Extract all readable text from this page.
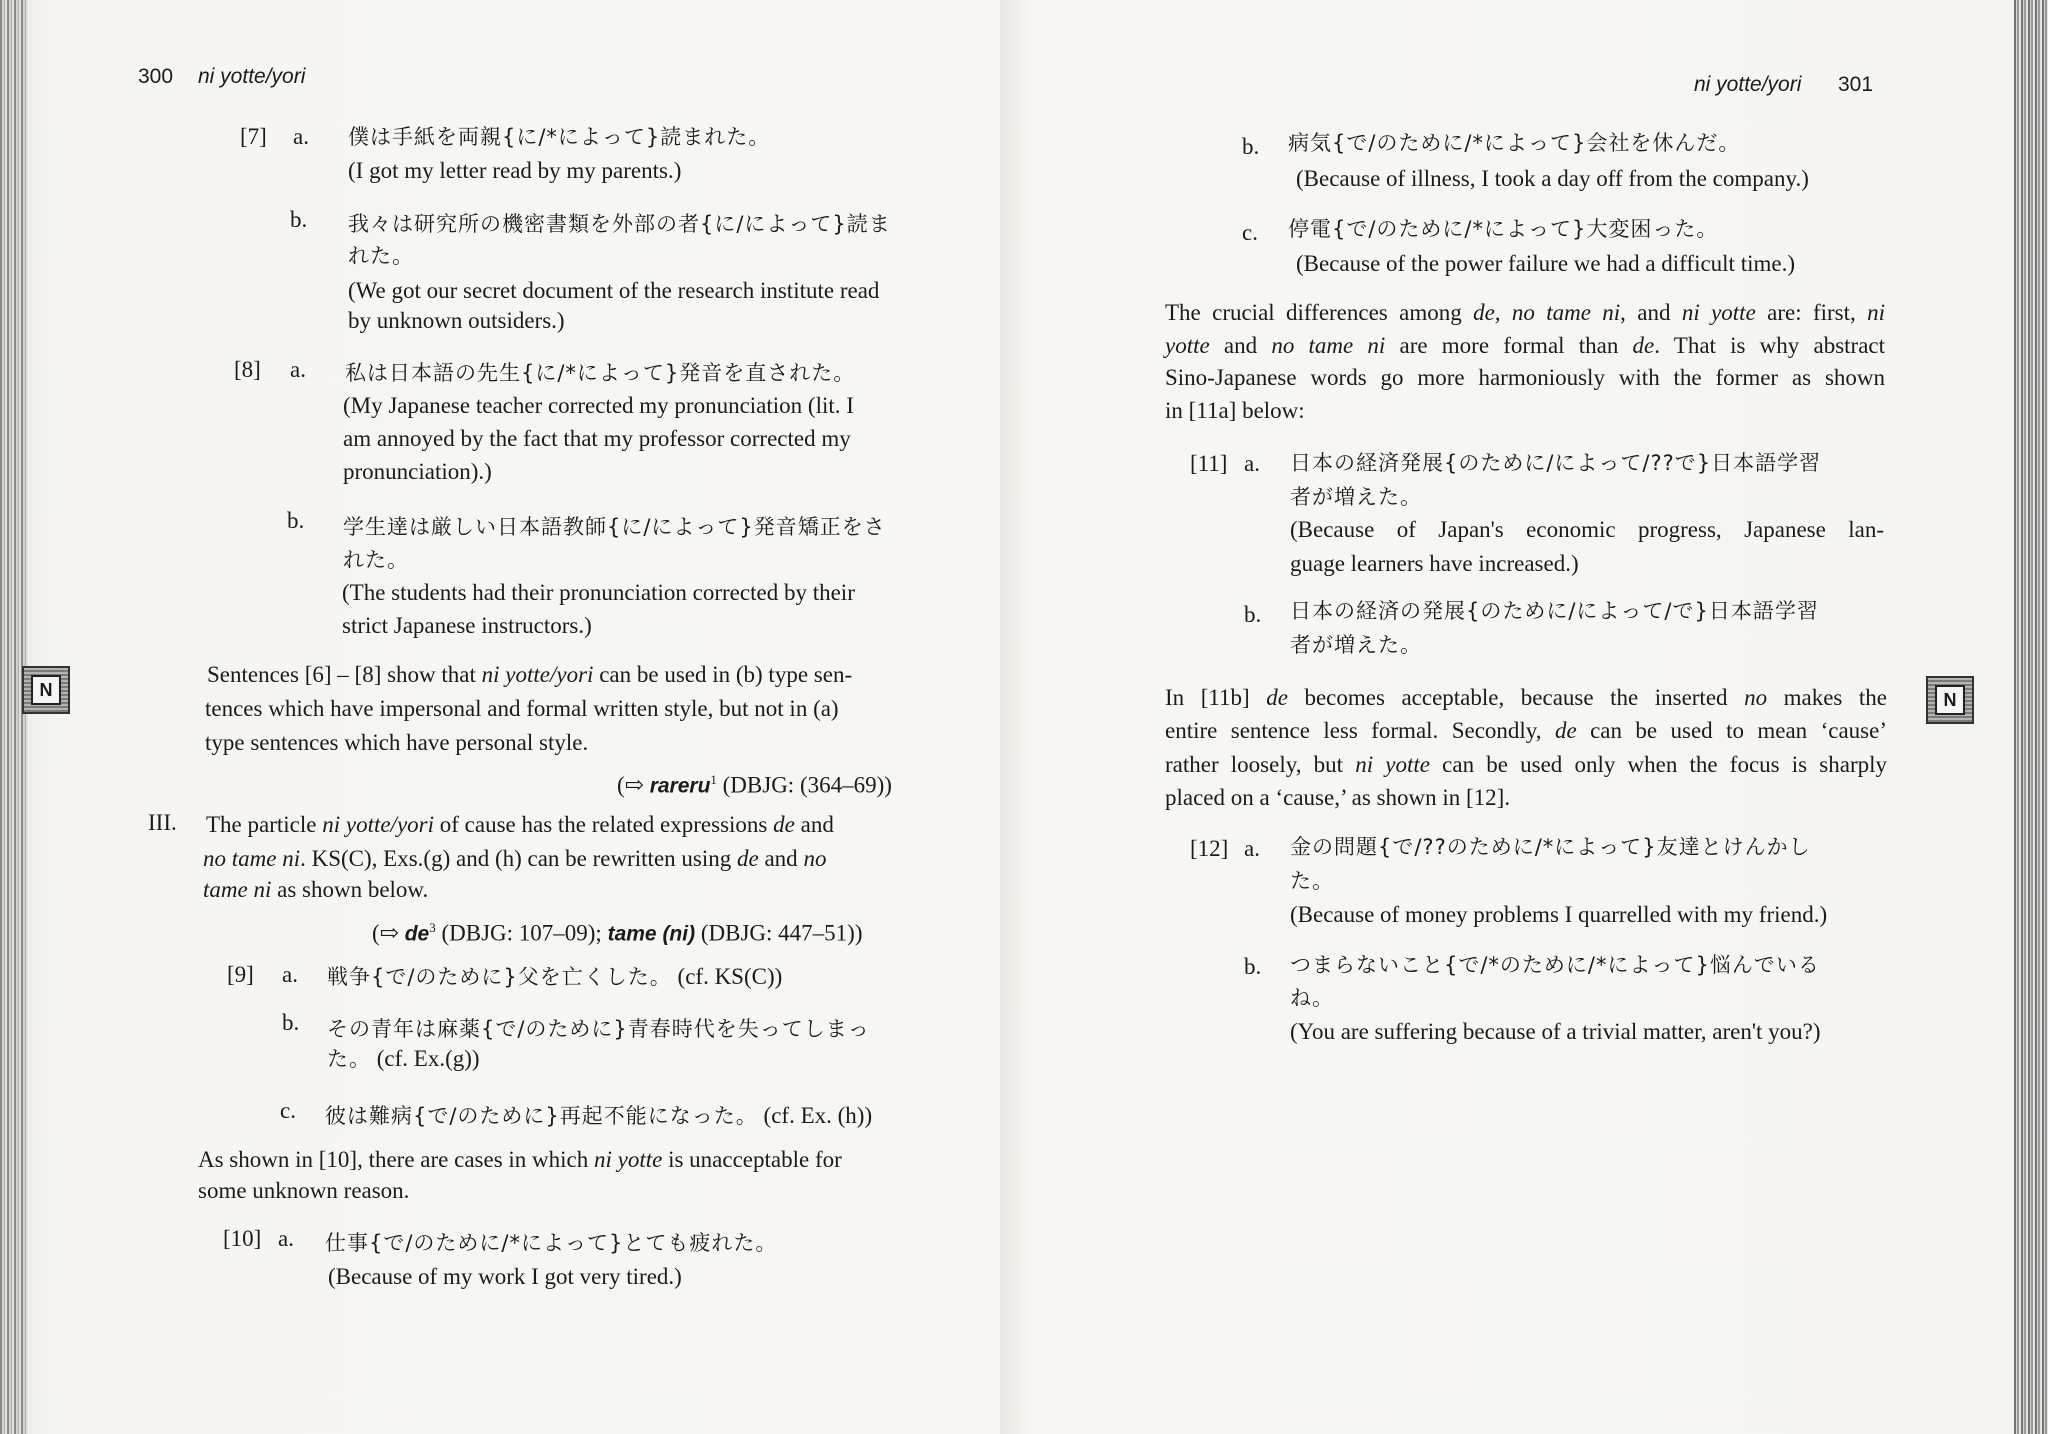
300 ni yotte/yori
N
[7] a. 僕は手紙を両親{に/*によって}読まれた。
(I got my letter read by my parents.)
b. 我々は研究所の機密書類を外部の者{に/によって}読ま
れた。
(We got our secret document of the research institute read
by unknown outsiders.)
[8] a. 私は日本語の先生{に/*によって}発音を直された。
(My Japanese teacher corrected my pronunciation (lit. I
am annoyed by the fact that my professor corrected my
pronunciation).)
b. 学生達は厳しい日本語教師{に/によって}発音矯正をさ
れた。
(The students had their pronunciation corrected by their
strict Japanese instructors.)
Sentences [6] – [8] show that ni yotte/yori can be used in (b) type sen-
tences which have impersonal and formal written style, but not in (a)
type sentences which have personal style.
(⇨ rareru$^1$ (DBJG: (364–69))
III. The particle ni yotte/yori of cause has the related expressions de and
no tame ni. KS(C), Exs.(g) and (h) can be rewritten using de and no
tame ni as shown below.
(⇨ $de^3$ (DBJG: 107–09); tame (ni) (DBJG: 447–51))
[9] a. 戦争{で/のために}父を亡くした。 (cf. KS(C))
b. その青年は麻薬{で/のために}青春時代を失ってしまっ
た。 (cf. Ex.(g))
c. 彼は難病{で/のために}再起不能になった。 (cf. Ex. (h))
As shown in [10], there are cases in which ni yotte is unacceptable for
some unknown reason.
[10] a. 仕事{で/のために/*によって}とても疲れた。
(Because of my work I got very tired.)
ni yotte/yori 301
N
b. 病気{で/のために/*によって}会社を休んだ。
(Because of illness, I took a day off from the company.)
c. 停電{で/のために/*によって}大変困った。
(Because of the power failure we had a difficult time.)
The crucial differences among de, no tame ni, and ni yotte are: first, ni
yotte and no tame ni are more formal than de. That is why abstract
Sino-Japanese words go more harmoniously with the former as shown
in [11a] below:
[11] a. 日本の経済発展{のために/によって/??で}日本語学習
者が増えた。
(Because of Japan's economic progress, Japanese lan-
guage learners have increased.)
b. 日本の経済の発展{のために/によって/で}日本語学習
者が増えた。
In [11b] de becomes acceptable, because the inserted no makes the
entire sentence less formal. Secondly, de can be used to mean ‘cause’
rather loosely, but ni yotte can be used only when the focus is sharply
placed on a ‘cause,’ as shown in [12].
[12] a. 金の問題{で/??のために/*によって}友達とけんかし
た。
(Because of money problems I quarrelled with my friend.)
b. つまらないこと{で/*のために/*によって}悩んでいる
ね。
(You are suffering because of a trivial matter, aren't you?)
